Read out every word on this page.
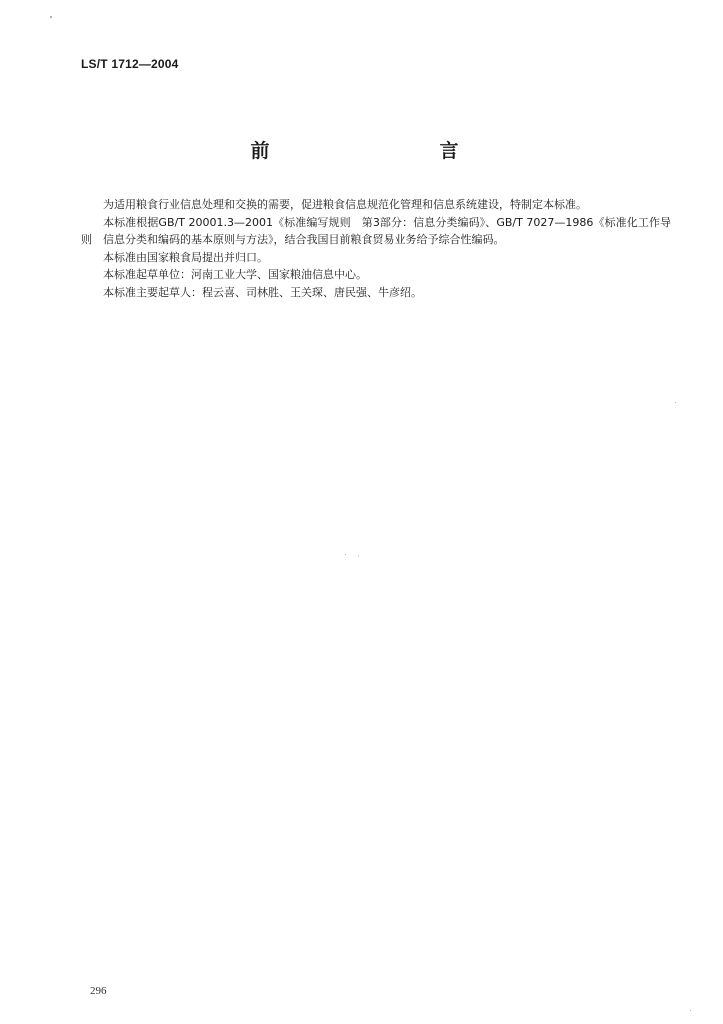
LS/T 1712—2004
前　　言

为适用粮食行业信息处理和交换的需要，促进粮食信息规范化管理和信息系统建设，特制定本标准。

本标准根据GB/T 20001.3—2001《标准编写规则　第3部分：信息分类编码》、GB/T 7027—1986《标准化工作导则　信息分类和编码的基本原则与方法》，结合我国目前粮食贸易业务给予综合性编码。

本标准由国家粮食局提出并归口。

本标准起草单位：河南工业大学、国家粮油信息中心。

本标准主要起草人：程云喜、司林胜、王关琛、唐民强、牛彦绍。

296
